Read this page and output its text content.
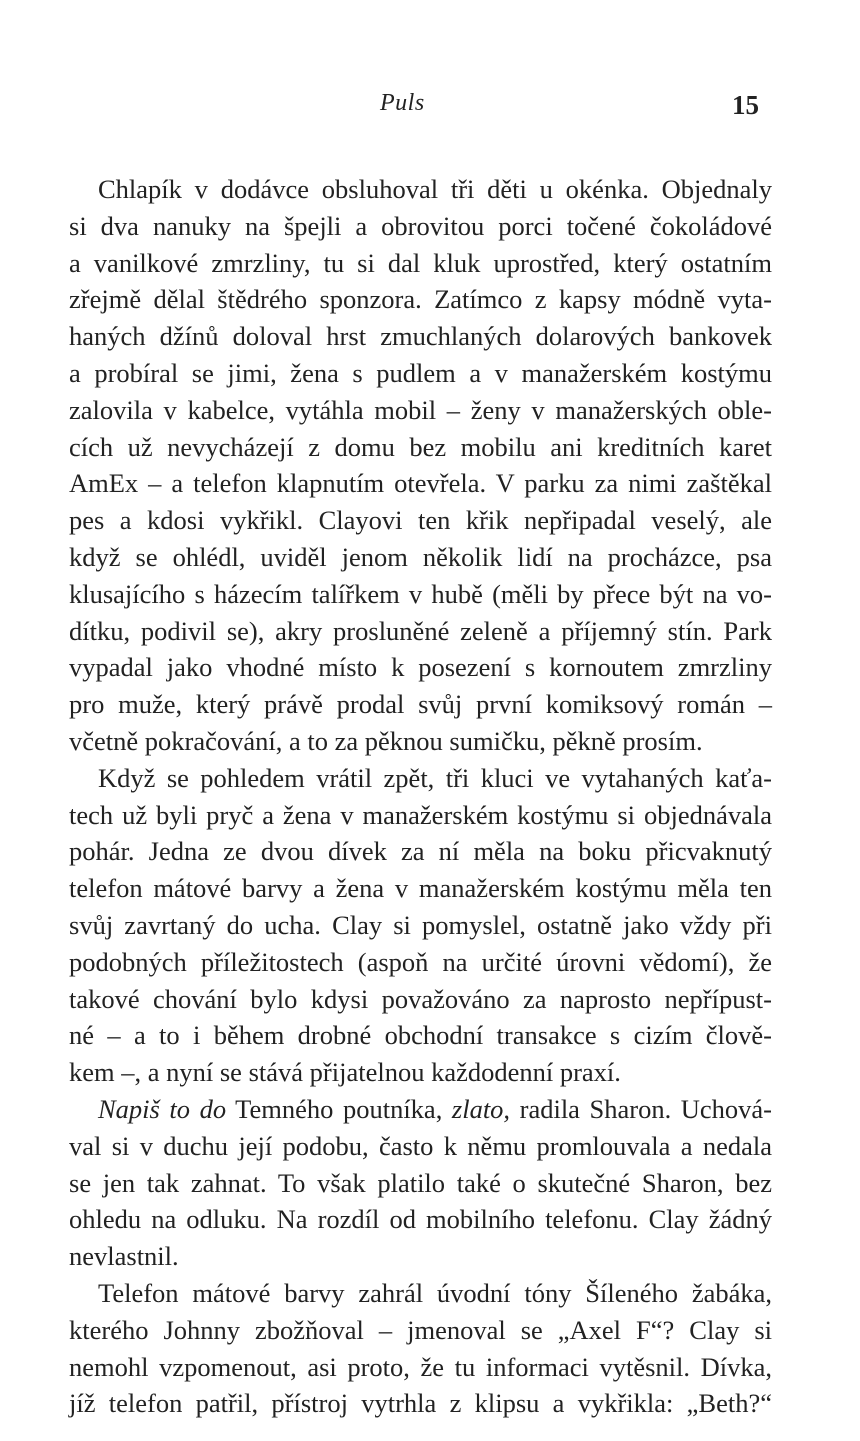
Puls	15
Chlapík v dodávce obsluhoval tři děti u okénka. Objednaly
si dva nanuky na špejli a obrovitou porci točené čokoládové
a vanilkové zmrzliny, tu si dal kluk uprostřed, který ostatním
zřejmě dělal štědrého sponzora. Zatímco z kapsy módně vyta-
haných džínů doloval hrst zmuchlaných dolarových bankovek
a probíral se jimi, žena s pudlem a v manažerském kostýmu
zalovila v kabelce, vytáhla mobil – ženy v manažerských oble-
cích už nevycházejí z domu bez mobilu ani kreditních karet
AmEx – a telefon klapnutím otevřela. V parku za nimi zaštěkal
pes a kdosi vykřikl. Clayovi ten křik nepřipadal veselý, ale
když se ohlédl, uviděl jenom několik lidí na procházce, psa
klusajícího s házecím talířkem v hubě (měli by přece být na vo-
dítku, podivil se), akry prosluněné zeleně a příjemný stín. Park
vypadal jako vhodné místo k posezení s kornoutem zmrzliny
pro muže, který právě prodal svůj první komiksový román –
včetně pokračování, a to za pěknou sumičku, pěkně prosím.
Když se pohledem vrátil zpět, tři kluci ve vytahaných kaťa-
tech už byli pryč a žena v manažerském kostýmu si objednávala
pohár. Jedna ze dvou dívek za ní měla na boku přicvaknutý
telefon mátové barvy a žena v manažerském kostýmu měla ten
svůj zavrtaný do ucha. Clay si pomyslel, ostatně jako vždy při
podobných příležitostech (aspoň na určité úrovni vědomí), že
takové chování bylo kdysi považováno za naprosto nepřípust-
né – a to i během drobné obchodní transakce s cizím člově-
kem –, a nyní se stává přijatelnou každodenní praxí.
Napiš to do Temného poutníka, zlato, radila Sharon. Uchová-
val si v duchu její podobu, často k němu promlouvala a nedala
se jen tak zahnat. To však platilo také o skutečné Sharon, bez
ohledu na odluku. Na rozdíl od mobilního telefonu. Clay žádný
nevlastnil.
Telefon mátové barvy zahrál úvodní tóny Šíleného žabáka,
kterého Johnny zbožňoval – jmenoval se „Axel F“? Clay si
nemohl vzpomenout, asi proto, že tu informaci vytěsnil. Dívka,
jíž telefon patřil, přístroj vytrhla z klipsu a vykřikla: „Beth?“
